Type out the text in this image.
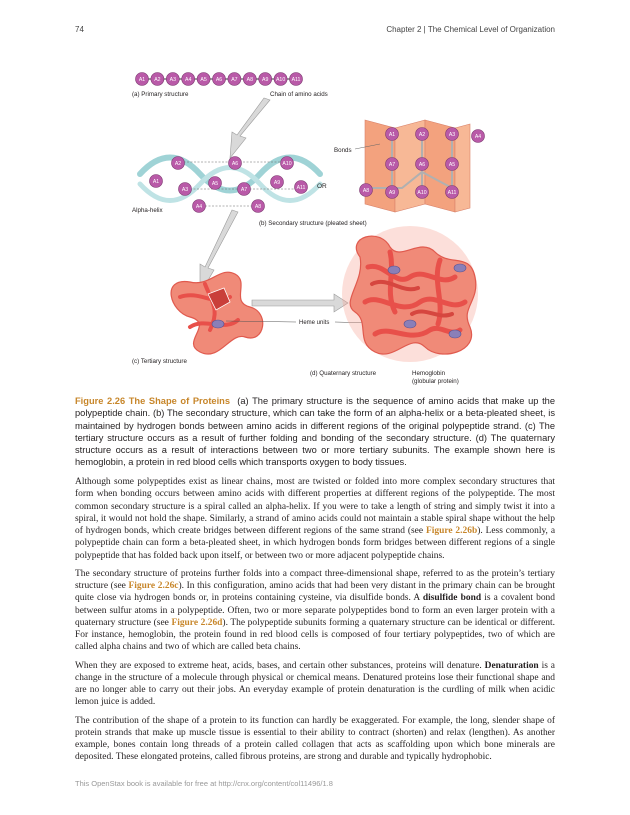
74	Chapter 2 | The Chemical Level of Organization
A1 A2 A3 A4 A5 A6 A7 A8 A9 A10 A11
(a) Primary structure	Chain of amino acids
A1
A2
A3
A4
A5
A6
A7
A8
A9
A10
A11
Alpha-helix
OR
(b) Secondary structure (pleated sheet)
A1	A2	A3	A4
A7	A6	A5
A8	A9	A10	A11
Bonds
(c) Tertiary structure
Heme units
(d) Quaternary structure	Hemoglobin
(globular protein)
Figure 2.26 The Shape of Proteins (a) The primary structure is the sequence of amino acids that make up the polypeptide chain. (b) The secondary structure, which can take the form of an alpha-helix or a beta-pleated sheet, is maintained by hydrogen bonds between amino acids in different regions of the original polypeptide strand. (c) The tertiary structure occurs as a result of further folding and bonding of the secondary structure. (d) The quaternary structure occurs as a result of interactions between two or more tertiary subunits. The example shown here is hemoglobin, a protein in red blood cells which transports oxygen to body tissues.

Although some polypeptides exist as linear chains, most are twisted or folded into more complex secondary structures that form when bonding occurs between amino acids with different properties at different regions of the polypeptide. The most common secondary structure is a spiral called an alpha-helix. If you were to take a length of string and simply twist it into a spiral, it would not hold the shape. Similarly, a strand of amino acids could not maintain a stable spiral shape without the help of hydrogen bonds, which create bridges between different regions of the same strand (see Figure 2.26b). Less commonly, a polypeptide chain can form a beta-pleated sheet, in which hydrogen bonds form bridges between different regions of a single polypeptide that has folded back upon itself, or between two or more adjacent polypeptide chains.

The secondary structure of proteins further folds into a compact three-dimensional shape, referred to as the protein’s tertiary structure (see Figure 2.26c). In this configuration, amino acids that had been very distant in the primary chain can be brought quite close via hydrogen bonds or, in proteins containing cysteine, via disulfide bonds. A disulfide bond is a covalent bond between sulfur atoms in a polypeptide. Often, two or more separate polypeptides bond to form an even larger protein with a quaternary structure (see Figure 2.26d). The polypeptide subunits forming a quaternary structure can be identical or different. For instance, hemoglobin, the protein found in red blood cells is composed of four tertiary polypeptides, two of which are called alpha chains and two of which are called beta chains.

When they are exposed to extreme heat, acids, bases, and certain other substances, proteins will denature. Denaturation is a change in the structure of a molecule through physical or chemical means. Denatured proteins lose their functional shape and are no longer able to carry out their jobs. An everyday example of protein denaturation is the curdling of milk when acidic lemon juice is added.

The contribution of the shape of a protein to its function can hardly be exaggerated. For example, the long, slender shape of protein strands that make up muscle tissue is essential to their ability to contract (shorten) and relax (lengthen). As another example, bones contain long threads of a protein called collagen that acts as scaffolding upon which bone minerals are deposited. These elongated proteins, called fibrous proteins, are strong and durable and typically hydrophobic.

This OpenStax book is available for free at http://cnx.org/content/col11496/1.8
